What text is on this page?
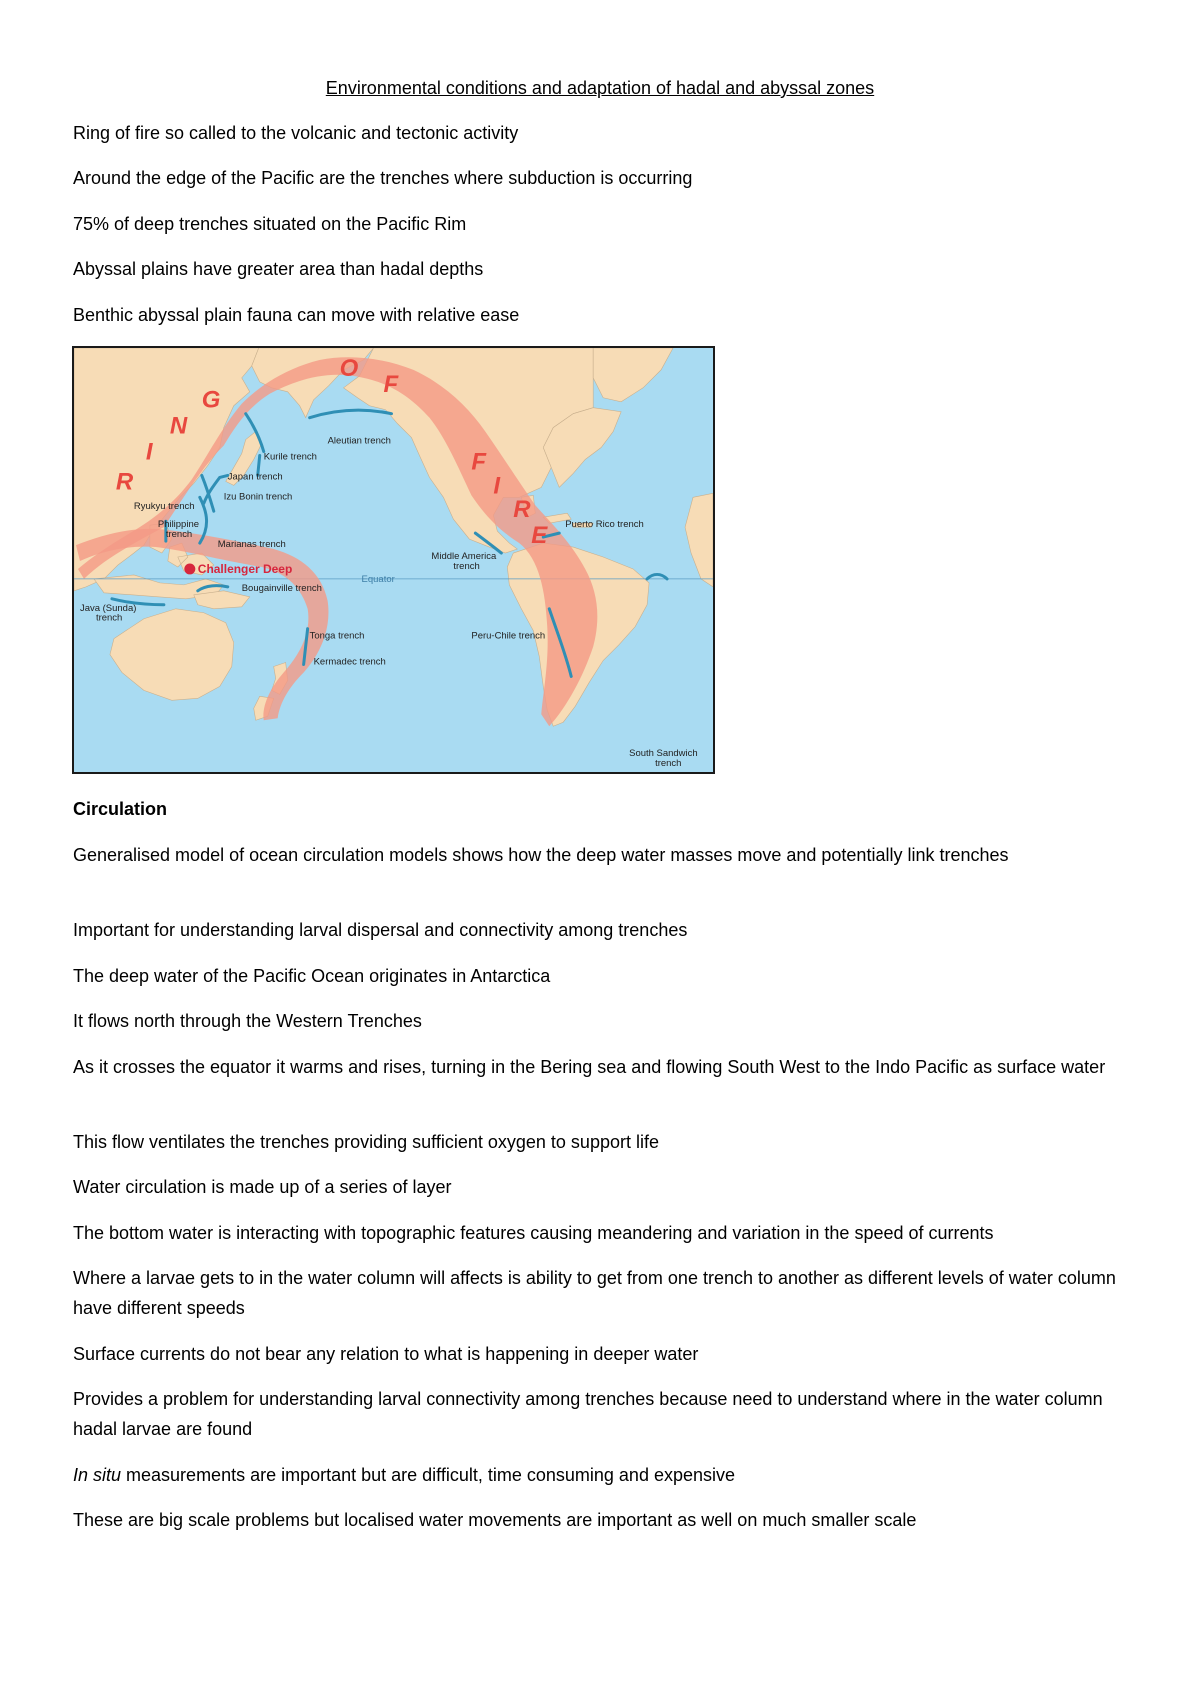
Environmental conditions and adaptation of hadal and abyssal zones

Ring of fire so called to the volcanic and tectonic activity

Around the edge of the Pacific are the trenches where subduction is occurring

75% of deep trenches situated on the Pacific Rim

Abyssal plains have greater area than hadal depths

Benthic abyssal plain fauna can move with relative ease

Equator
R
I
N
G
O
F
F
I
R
E
Aleutian trench
Kurile trench
Japan trench
Izu Bonin trench
Ryukyu trench
Philippine
trench
Marianas trench
Puerto Rico trench
Middle America
trench
Bougainville trench
Java (Sunda)
trench
Tonga trench
Kermadec trench
Peru-Chile trench
South Sandwich
trench
Challenger Deep

Circulation

Generalised model of ocean circulation models shows how the deep water masses move and potentially link trenches

Important for understanding larval dispersal and connectivity among trenches

The deep water of the Pacific Ocean originates in Antarctica

It flows north through the Western Trenches

As it crosses the equator it warms and rises, turning in the Bering sea and flowing South West to the Indo Pacific as surface water

This flow ventilates the trenches providing sufficient oxygen to support life

Water circulation is made up of a series of layer

The bottom water is interacting with topographic features causing meandering and variation in the speed of currents

Where a larvae gets to in the water column will affects is ability to get from one trench to another as different levels of water column have different speeds

Surface currents do not bear any relation to what is happening in deeper water

Provides a problem for understanding larval connectivity among trenches because need to understand where in the water column hadal larvae are found

In situ measurements are important but are difficult, time consuming and expensive

These are big scale problems but localised water movements are important as well on much smaller scale
